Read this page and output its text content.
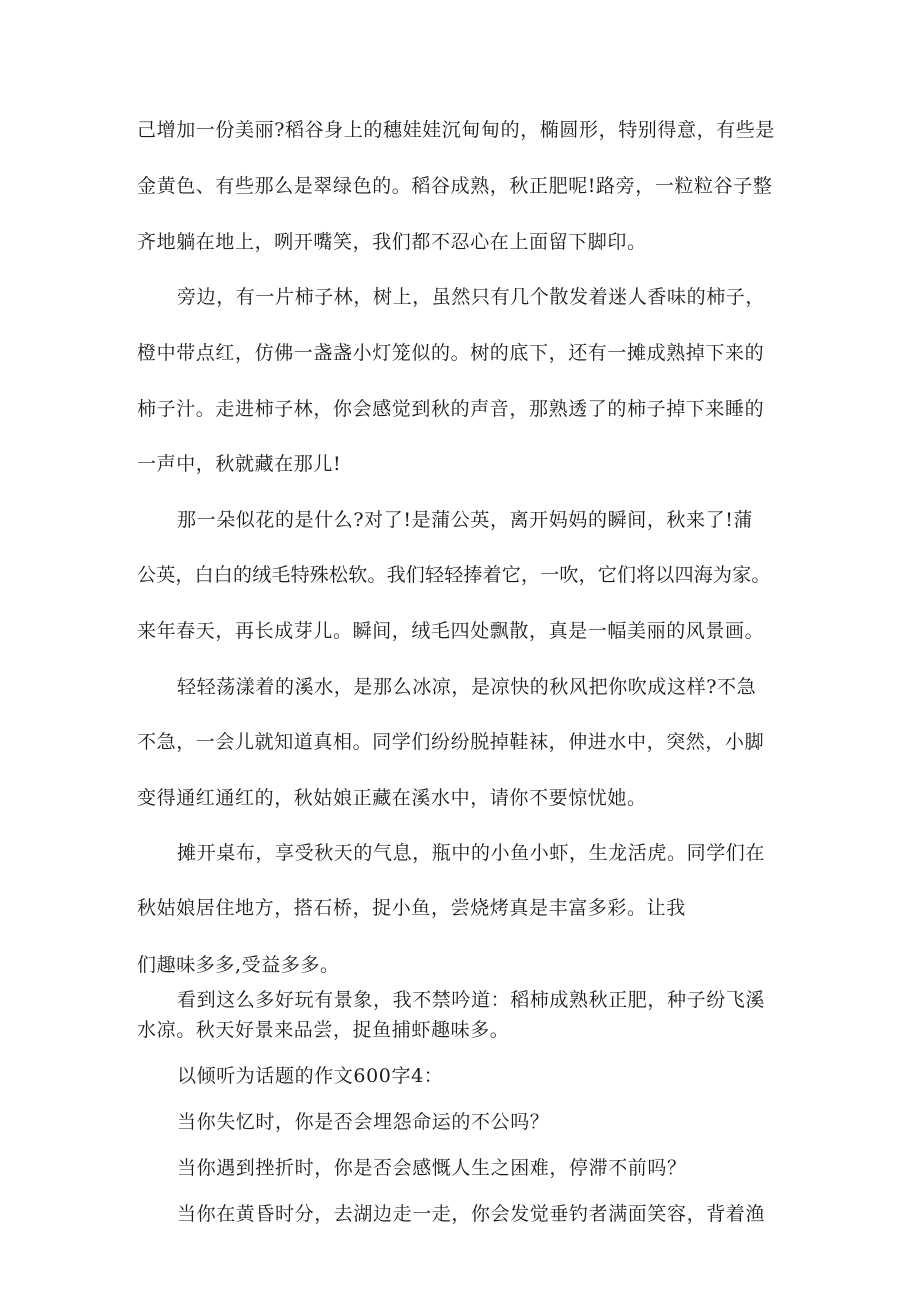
己增加一份美丽?稻谷身上的穗娃娃沉甸甸的，椭圆形，特别得意，有些是
金黄色、有些那么是翠绿色的。稻谷成熟，秋正肥呢!路旁，一粒粒谷子整
齐地躺在地上，咧开嘴笑，我们都不忍心在上面留下脚印。
旁边，有一片柿子林，树上，虽然只有几个散发着迷人香味的柿子，
橙中带点红，仿佛一盏盏小灯笼似的。树的底下，还有一摊成熟掉下来的
柿子汁。走进柿子林，你会感觉到秋的声音，那熟透了的柿子掉下来睡的
一声中，秋就藏在那儿!
那一朵似花的是什么?对了!是蒲公英，离开妈妈的瞬间，秋来了!蒲
公英，白白的绒毛特殊松软。我们轻轻捧着它，一吹，它们将以四海为家。
来年春天，再长成芽儿。瞬间，绒毛四处飘散，真是一幅美丽的风景画。
轻轻荡漾着的溪水，是那么冰凉，是凉快的秋风把你吹成这样?不急
不急，一会儿就知道真相。同学们纷纷脱掉鞋袜，伸进水中，突然，小脚
变得通红通红的，秋姑娘正藏在溪水中，请你不要惊忧她。
摊开桌布，享受秋天的气息，瓶中的小鱼小虾，生龙活虎。同学们在
秋姑娘居住地方，搭石桥，捉小鱼，尝烧烤真是丰富多彩。让我
们趣味多多,受益多多。
看到这么多好玩有景象，我不禁吟道：稻柿成熟秋正肥，种子纷飞溪
水凉。秋天好景来品尝，捉鱼捕虾趣味多。
以倾听为话题的作文600字4：
当你失忆时，你是否会埋怨命运的不公吗？
当你遇到挫折时，你是否会感慨人生之困难，停滞不前吗？
当你在黄昏时分，去湖边走一走，你会发觉垂钓者满面笑容，背着渔
